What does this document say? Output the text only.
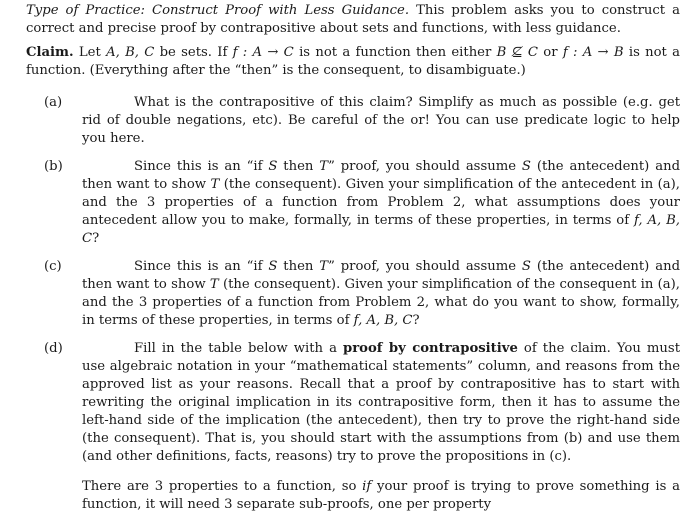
Type of Practice: Construct Proof with Less Guidance. This problem asks you to construct a correct and precise proof by contrapositive about sets and functions, with less guidance.

Claim. Let A, B, C be sets. If f : A → C is not a function then either B ⊈ C or f : A → B is not a function. (Everything after the “then” is the consequent, to disambiguate.)

(a)	What is the contrapositive of this claim? Simplify as much as possible (e.g. get rid of double negations, etc). Be careful of the or! You can use predicate logic to help you here.
(b)	Since this is an “if S then T” proof, you should assume S (the antecedent) and then want to show T (the consequent). Given your simplification of the antecedent in (a), and the 3 properties of a function from Problem 2, what assumptions does your antecedent allow you to make, formally, in terms of these properties, in terms of f, A, B, C?
(c)	Since this is an “if S then T” proof, you should assume S (the antecedent) and then want to show T (the consequent). Given your simplification of the consequent in (a), and the 3 properties of a function from Problem 2, what do you want to show, formally, in terms of these properties, in terms of f, A, B, C?
(d)	Fill in the table below with a proof by contrapositive of the claim. You must use algebraic notation in your “mathematical statements” column, and reasons from the approved list as your reasons. Recall that a proof by contrapositive has to start with rewriting the original implication in its contrapositive form, then it has to assume the left-hand side of the implication (the antecedent), then try to prove the right-hand side (the consequent). That is, you should start with the assumptions from (b) and use them (and other definitions, facts, reasons) try to prove the propositions in (c).

There are 3 properties to a function, so if your proof is trying to prove something is a function, it will need 3 separate sub-proofs, one per property
